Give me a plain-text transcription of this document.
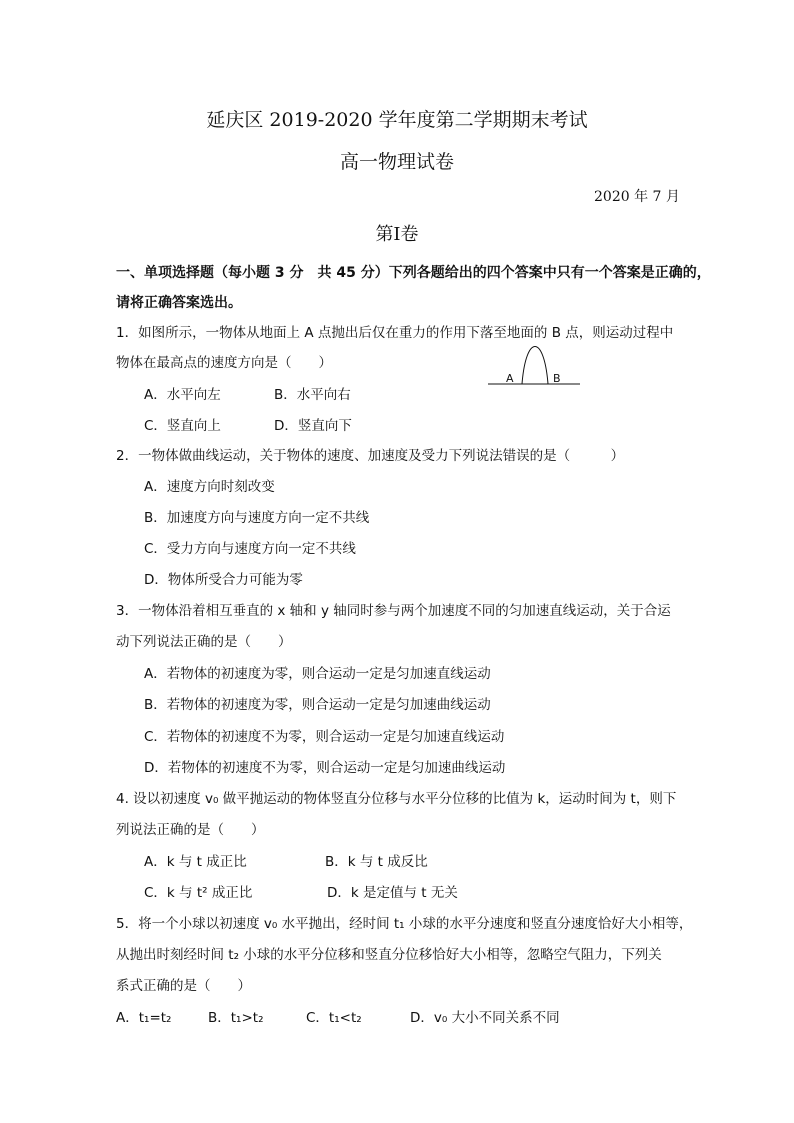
延庆区 2019-2020 学年度第二学期期末考试
高一物理试卷
2020 年 7 月
第Ⅰ卷
一、单项选择题（每小题 3 分　共 45 分）下列各题给出的四个答案中只有一个答案是正确的，
请将正确答案选出。
1．如图所示，一物体从地面上 A 点抛出后仅在重力的作用下落至地面的 B 点，则运动过程中
物体在最高点的速度方向是（　　）
A．水平向左	B．水平向右
C．竖直向上	D．竖直向下
A	B
2．一物体做曲线运动，关于物体的速度、加速度及受力下列说法错误的是（　　　）
A．速度方向时刻改变
B．加速度方向与速度方向一定不共线
C．受力方向与速度方向一定不共线
D．物体所受合力可能为零
3．一物体沿着相互垂直的 x 轴和 y 轴同时参与两个加速度不同的匀加速直线运动，关于合运
动下列说法正确的是（　　）
A．若物体的初速度为零，则合运动一定是匀加速直线运动
B．若物体的初速度为零，则合运动一定是匀加速曲线运动
C．若物体的初速度不为零，则合运动一定是匀加速直线运动
D．若物体的初速度不为零，则合运动一定是匀加速曲线运动
4. 设以初速度 v₀ 做平抛运动的物体竖直分位移与水平分位移的比值为 k，运动时间为 t，则下
列说法正确的是（　　）
A．k 与 t 成正比	B．k 与 t 成反比
C．k 与 t² 成正比	D．k 是定值与 t 无关
5．将一个小球以初速度 v₀ 水平抛出，经时间 t₁ 小球的水平分速度和竖直分速度恰好大小相等，
从抛出时刻经时间 t₂ 小球的水平分位移和竖直分位移恰好大小相等，忽略空气阻力，下列关
系式正确的是（　　）
A．t₁=t₂	B．t₁>t₂	C．t₁<t₂	D．v₀ 大小不同关系不同
